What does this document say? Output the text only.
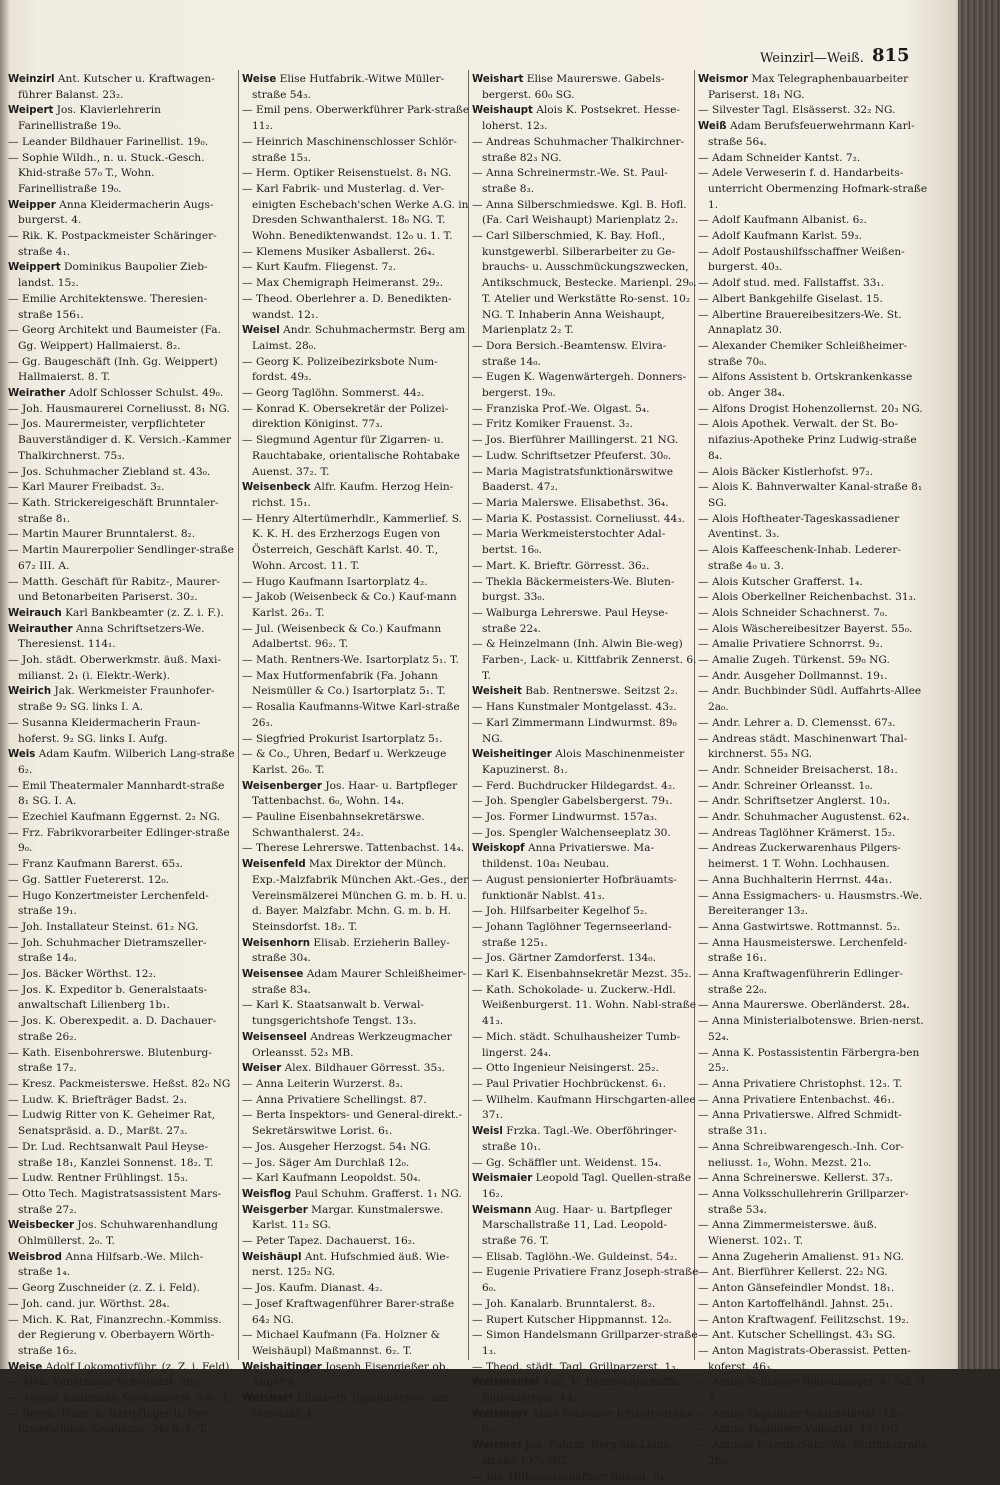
Weinzirl—Weiß. 815

Weinzirl Ant. Kutscher u. Kraftwagen-führer Balanst. 23₂.

Weipert Jos. Klavierlehrerin Farinellistraße 19₀.

— Leander Bildhauer Farinellist. 19₀.

— Sophie Wildh., n. u. Stuck.-Gesch. Khid-straße 57₀ T., Wohn. Farinellistraße 19₀.

Weipper Anna Kleidermacherin Augs-burgerst. 4.

— Rik. K. Postpackmeister Schäringer-straße 4₁.

Weippert Dominikus Baupolier Zieb-landst. 15₂.

— Emilie Architektenswe. Theresien-straße 156₁.

— Georg Architekt und Baumeister (Fa. Gg. Weippert) Hallmaierst. 8₂.

— Gg. Baugeschäft (Inh. Gg. Weippert) Hallmaierst. 8. T.

Weirather Adolf Schlosser Schulst. 49₀.

— Joh. Hausmaurerei Corneliusst. 8₁ NG.

— Jos. Maurermeister, verpflichteter Bauverständiger d. K. Versich.-Kammer Thalkirchnerst. 75₃.

— Jos. Schuhmacher Ziebland st. 43₀.

— Karl Maurer Freibadst. 3₂.

— Kath. Strickereigeschäft Brunntaler-straße 8₁.

— Martin Maurer Brunntalerst. 8₂.

— Martin Maurerpolier Sendlinger-straße 67₂ III. A.

— Matth. Geschäft für Rabitz-, Maurer- und Betonarbeiten Pariserst. 30₂.

Weirauch Karl Bankbeamter (z. Z. i. F.).

Weirauther Anna Schriftsetzers-We. Theresienst. 114₁.

— Joh. städt. Oberwerkmstr. äuß. Maxi-milianst. 2₁ (i. Elektr.-Werk).

Weirich Jak. Werkmeister Fraunhofer-straße 9₂ SG. links I. A.

— Susanna Kleidermacherin Fraun-hoferst. 9₂ SG. links I. Aufg.

Weis Adam Kaufm. Wilberich Lang-straße 6₂.

— Emil Theatermaler Mannhardt-straße 8₁ SG. I. A.

— Ezechiel Kaufmann Eggernst. 2₂ NG.

— Frz. Fabrikvorarbeiter Edlinger-straße 9₀.

— Franz Kaufmann Barerst. 65₃.

— Gg. Sattler Fuetererst. 12₀.

— Hugo Konzertmeister Lerchenfeld-straße 19₁.

— Joh. Installateur Steinst. 61₂ NG.

— Joh. Schuhmacher Dietramszeller-straße 14₀.

— Jos. Bäcker Wörthst. 12₂.

— Jos. K. Expeditor b. Generalstaats-anwaltschaft Lilienberg 1b₁.

— Jos. K. Oberexpedit. a. D. Dachauer-straße 26₂.

— Kath. Eisenbohrerswe. Blutenburg-straße 17₂.

— Kresz. Packmeisterswe. Heßst. 82₀ NG

— Ludw. K. Briefträger Badst. 2₃.

— Ludwig Ritter von K. Geheimer Rat, Senatspräsid. a. D., Marßt. 27₃.

— Dr. Lud. Rechtsanwalt Paul Heyse-straße 18₁, Kanzlei Sonnenst. 18₂. T.

— Ludw. Rentner Frühlingst. 15₃.

— Otto Tech. Magistratsassistent Mars-straße 27₂.

Weisbecker Jos. Schuhwarenhandlung Ohlmüllerst. 2₀. T.

Weisbrod Anna Hilfsarb.-We. Milch-straße 1₄.

— Georg Zuschneider (z. Z. i. Feld).

— Joh. cand. jur. Wörthst. 28₄.

— Mich. K. Rat, Finanzrechn.-Kommiss. der Regierung v. Oberbayern Wörth-straße 16₂.

Weise Adolf Lokomotivführ. (z. Z. i. Feld).

— Alex. Kunstmaler Schwindst. 26₄.

— August Kaufmann Neuhauserst. 34₁. T.

— Bernh. Haar- u. Bartpfleger u. Par-fümeriehdlg. Amalienst. 34₀ u. 1. T.

Weise Elise Hutfabrik.-Witwe Müller-straße 54₃.

— Emil pens. Oberwerkführer Park-straße 11₂.

— Heinrich Maschinenschlosser Schlör-straße 15₃.

— Herm. Optiker Reisenstuelst. 8₁ NG.

— Karl Fabrik- und Musterlag. d. Ver-einigten Eschebach'schen Werke A.G. in Dresden Schwanthalerst. 18₀ NG. T. Wohn. Benediktenwandst. 12₀ u. 1. T.

— Klemens Musiker Asballerst. 26₄.

— Kurt Kaufm. Fliegenst. 7₂.

— Max Chemigraph Heimeranst. 29₂.

— Theod. Oberlehrer a. D. Benedikten-wandst. 12₁.

Weisel Andr. Schuhmachermstr. Berg am Laimst. 28₀.

— Georg K. Polizeibezirksbote Num-fordst. 49₃.

— Georg Taglöhn. Sommerst. 44₂.

— Konrad K. Obersekretär der Polizei-direktion Königinst. 77₃.

— Siegmund Agentur für Zigarren- u. Rauchtabake, orientalische Rohtabake Auenst. 37₂. T.

Weisenbeck Alfr. Kaufm. Herzog Hein-richst. 15₁.

— Henry Altertümerhdlr., Kammerlief. S. K. K. H. des Erzherzogs Eugen von Österreich, Geschäft Karlst. 40. T., Wohn. Arcost. 11. T.

— Hugo Kaufmann Isartorplatz 4₂.

— Jakob (Weisenbeck & Co.) Kauf-mann Karlst. 26₃. T.

— Jul. (Weisenbeck & Co.) Kaufmann Adalbertst. 96₂. T.

— Math. Rentners-We. Isartorplatz 5₁. T.

— Max Hutformenfabrik (Fa. Johann Neismüller & Co.) Isartorplatz 5₁. T.

— Rosalia Kaufmanns-Witwe Karl-straße 26₃.

— Siegfried Prokurist Isartorplatz 5₁.

— & Co., Uhren, Bedarf u. Werkzeuge Karlst. 26₀. T.

Weisenberger Jos. Haar- u. Bartpfleger Tattenbachst. 6₀, Wohn. 14₄.

— Pauline Eisenbahnsekretärswe. Schwanthalerst. 24₂.

— Therese Lehrerswe. Tattenbachst. 14₄.

Weisenfeld Max Direktor der Münch. Exp.-Malzfabrik München Akt.-Ges., der Vereinsmälzerei München G. m. b. H. u. d. Bayer. Malzfabr. Mchn. G. m. b. H. Steinsdorfst. 18₂. T.

Weisenhorn Elisab. Erzieherin Balley-straße 30₄.

Weisensee Adam Maurer Schleißheimer-straße 83₄.

— Karl K. Staatsanwalt b. Verwal-tungsgerichtshofe Tengst. 13₃.

Weisenseel Andreas Werkzeugmacher Orleansst. 52₃ MB.

Weiser Alex. Bildhauer Görresst. 35₃.

— Anna Leiterin Wurzerst. 8₃.

— Anna Privatiere Schellingst. 87.

— Berta Inspektors- und General-direkt.-Sekretärswitwe Lorist. 6₁.

— Jos. Ausgeher Herzogst. 54₁ NG.

— Jos. Säger Am Durchlaß 12₀.

— Karl Kaufmann Leopoldst. 50₄.

Weisflog Paul Schuhm. Grafferst. 1₁ NG.

Weisgerber Margar. Kunstmalerswe. Karlst. 11₂ SG.

— Peter Tapez. Dachauerst. 16₂.

Weishäupl Ant. Hufschmied äuß. Wie-nerst. 125₂ NG.

— Jos. Kaufm. Dianast. 4₂.

— Josef Kraftwagenführer Barer-straße 64₂ NG.

— Michael Kaufmann (Fa. Holzner & Weishäupl) Maßmannst. 6₂. T.

Weishaitinger Joseph Eisengießer ob. Anger 8₂.

Weishart Elisabeth Taglöhnerswe. am Durchlaß 4₂.

Weishart Elise Maurerswe. Gabels-bergerst. 60₀ SG.

Weishaupt Alois K. Postsekret. Hesse-loherst. 12₃.

— Andreas Schuhmacher Thalkirchner-straße 82₃ NG.

— Anna Schreinermstr.-We. St. Paul-straße 8₃.

— Anna Silberschmiedswe. Kgl. B. Hofl. (Fa. Carl Weishaupt) Marienplatz 2₂.

— Carl Silberschmied, K. Bay. Hofl., kunstgewerbl. Silberarbeiter zu Ge-brauchs- u. Ausschmückungszwecken, Antikschmuck, Bestecke. Marienpl. 29₀. T. Atelier und Werkstätte Ro-senst. 10₂ NG. T. Inhaberin Anna Weishaupt, Marienplatz 2₂ T.

— Dora Bersich.-Beamtensw. Elvira-straße 14₀.

— Eugen K. Wagenwärtergeh. Donners-bergerst. 19₀.

— Franziska Prof.-We. Olgast. 5₄.

— Fritz Komiker Frauenst. 3₂.

— Jos. Bierführer Maillingerst. 21 NG.

— Ludw. Schriftsetzer Pfeuferst. 30₀.

— Maria Magistratsfunktionärswitwe Baaderst. 47₂.

— Maria Malerswe. Elisabethst. 36₄.

— Maria K. Postassist. Corneliusst. 44₃.

— Maria Werkmeisterstochter Adal-bertst. 16₀.

— Mart. K. Brieftr. Görresst. 36₂.

— Thekla Bäckermeisters-We. Bluten-burgst. 33₀.

— Walburga Lehrerswe. Paul Heyse-straße 22₄.

— & Heinzelmann (Inh. Alwin Bie-weg) Farben-, Lack- u. Kittfabrik Zennerst. 6. T.

Weisheit Bab. Rentnerswe. Seitzst 2₂.

— Hans Kunstmaler Montgelasst. 43₂.

— Karl Zimmermann Lindwurmst. 89₀ NG.

Weisheitinger Alois Maschinenmeister Kapuzinerst. 8₁.

— Ferd. Buchdrucker Hildegardst. 4₂.

— Joh. Spengler Gabelsbergerst. 79₁.

— Jos. Former Lindwurmst. 157a₃.

— Jos. Spengler Walchenseeplatz 30.

Weiskopf Anna Privatierswe. Ma-thildenst. 10a₁ Neubau.

— August pensionierter Hofbräuamts-funktionär Nablst. 41₃.

— Joh. Hilfsarbeiter Kegelhof 5₂.

— Johann Taglöhner Tegernseerland-straße 125₁.

— Jos. Gärtner Zamdorferst. 134₀.

— Karl K. Eisenbahnsekretär Mezst. 35₂.

— Kath. Schokolade- u. Zuckerw.-Hdl. Weißenburgerst. 11. Wohn. Nabl-straße 41₃.

— Mich. städt. Schulhausheizer Tumb-lingerst. 24₄.

— Otto Ingenieur Neisingerst. 25₂.

— Paul Privatier Hochbrückenst. 6₁.

— Wilhelm. Kaufmann Hirschgarten-allee 37₁.

Weisl Frzka. Tagl.-We. Oberföhringer-straße 10₁.

— Gg. Schäffler unt. Weidenst. 15₄.

Weismaier Leopold Tagl. Quellen-straße 16₂.

Weismann Aug. Haar- u. Bartpfleger Marschallstraße 11, Lad. Leopold-straße 76. T.

— Elisab. Taglöhn.-We. Guldeinst. 54₂.

— Eugenie Privatiere Franz Joseph-straße 6₀.

— Joh. Kanalarb. Brunntalerst. 8₂.

— Rupert Kutscher Hippmannst. 12₀.

— Simon Handelsmann Grillparzer-straße 1₃.

— Theod. städt. Tagl. Grillparzerst. 1₃.

Weismantel Aug. K. Bahnsteigschaffn. Blutenburgst. 44₃.

Weismayr Alois Schlosser Icfstatt-straße 6₃.

Weismor Jos. Fuhrm. Berg am Laim-straße 137₀ NG.

— Jos. Hilfspostschaffner Boosst. 3₄.

Weismor Max Telegraphenbauarbeiter Pariserst. 18₁ NG.

— Silvester Tagl. Elsässerst. 32₂ NG.

Weiß Adam Berufsfeuerwehrmann Karl-straße 56₄.

— Adam Schneider Kantst. 7₂.

— Adele Verweserin f. d. Handarbeits-unterricht Obermenzing Hofmark-straße 1.

— Adolf Kaufmann Albanist. 6₂.

— Adolf Kaufmann Karlst. 59₃.

— Adolf Postaushilfsschaffner Weißen-burgerst. 40₃.

— Adolf stud. med. Fallstaffst. 33₁.

— Albert Bankgehilfe Giselast. 15.

— Albertine Brauereibesitzers-We. St. Annaplatz 30.

— Alexander Chemiker Schleißheimer-straße 70₀.

— Alfons Assistent b. Ortskrankenkasse ob. Anger 38₄.

— Alfons Drogist Hohenzollernst. 20₃ NG.

— Alois Apothek. Verwalt. der St. Bo-nifazius-Apotheke Prinz Ludwig-straße 8₄.

— Alois Bäcker Kistlerhofst. 97₂.

— Alois K. Bahnverwalter Kanal-straße 8₁ SG.

— Alois Hoftheater-Tageskassadiener Aventinst. 3₃.

— Alois Kaffeeschenk-Inhab. Lederer-straße 4₀ u. 3.

— Alois Kutscher Grafferst. 1₄.

— Alois Oberkellner Reichenbachst. 31₃.

— Alois Schneider Schachnerst. 7₀.

— Alois Wäschereibesitzer Bayerst. 55₀.

— Amalie Privatiere Schnorrst. 9₂.

— Amalie Zugeh. Türkenst. 59₀ NG.

— Andr. Ausgeher Dollmannst. 19₁.

— Andr. Buchbinder Südl. Auffahrts-Allee 2a₀.

— Andr. Lehrer a. D. Clemensst. 67₃.

— Andreas städt. Maschinenwart Thal-kirchnerst. 55₃ NG.

— Andr. Schneider Breisacherst. 18₁.

— Andr. Schreiner Orleansst. 1₀.

— Andr. Schriftsetzer Anglerst. 10₃.

— Andr. Schuhmacher Augustenst. 62₄.

— Andreas Taglöhner Krämerst. 15₂.

— Andreas Zuckerwarenhaus Pilgers-heimerst. 1 T. Wohn. Lochhausen.

— Anna Buchhalterin Herrnst. 44a₁.

— Anna Essigmachers- u. Hausmstrs.-We. Bereiteranger 13₂.

— Anna Gastwirtswe. Rottmannst. 5₂.

— Anna Hausmeisterswe. Lerchenfeld-straße 16₁.

— Anna Kraftwagenführerin Edlinger-straße 22₀.

— Anna Maurerswe. Oberländerst. 28₄.

— Anna Ministerialbotenswe. Brien-nerst. 52₄.

— Anna K. Postassistentin Färbergra-ben 25₂.

— Anna Privatiere Christophst. 12₃. T.

— Anna Privatiere Entenbachst. 46₁.

— Anna Privatierswe. Alfred Schmidt-straße 31₁.

— Anna Schreibwarengesch.-Inh. Cor-neliusst. 1₀, Wohn. Mezst. 21₀.

— Anna Schreinerswe. Kellerst. 37₃.

— Anna Volksschullehrerin Grillparzer-straße 53₄.

— Anna Zimmermeisterswe. äuß. Wienerst. 102₁. T.

— Anna Zugeherin Amalienst. 91₃ NG.

— Ant. Bierführer Kellerst. 22₂ NG.

— Anton Gänsefeindler Mondst. 18₁.

— Anton Kartoffelhändl. Jahnst. 25₁.

— Anton Kraftwagenf. Feilitzschst. 19₂.

— Ant. Kutscher Schellingst. 43₁ SG.

— Anton Magistrats-Oberassist. Petten-koferst. 46₃.

— Anton Schlosser Blutenburgst. 4₂ SG. II. A.

— Anton Taglöhner Schießstättst. 12₂.

— Anton Taglöhner Volkartst. 17₂ NG.

— Antonie Eisenb.-Sekr.-We. Ruffini-straße 26₁.
